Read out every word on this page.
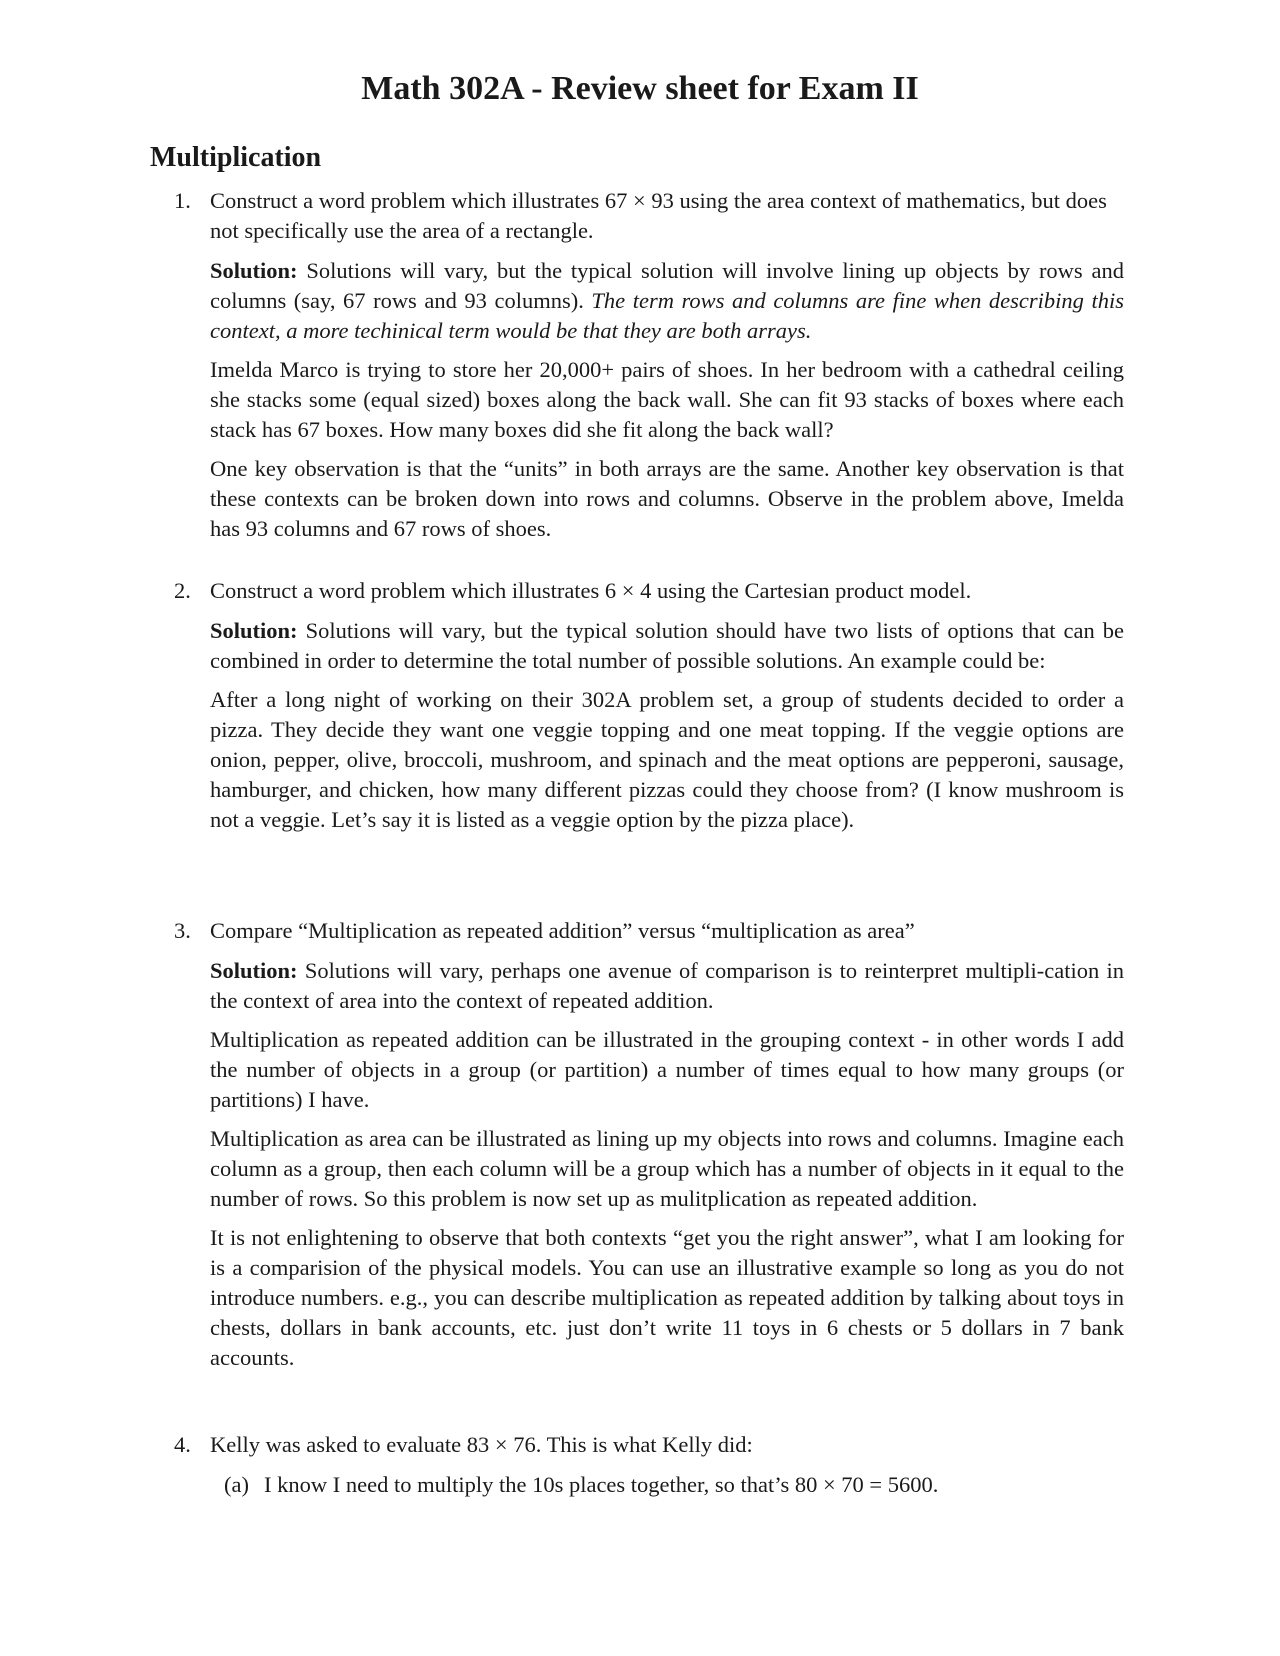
Math 302A - Review sheet for Exam II
Multiplication
1. Construct a word problem which illustrates 67 × 93 using the area context of mathematics, but does not specifically use the area of a rectangle.

Solution: Solutions will vary, but the typical solution will involve lining up objects by rows and columns (say, 67 rows and 93 columns). The term rows and columns are fine when describing this context, a more techinical term would be that they are both arrays.

Imelda Marco is trying to store her 20,000+ pairs of shoes. In her bedroom with a cathedral ceiling she stacks some (equal sized) boxes along the back wall. She can fit 93 stacks of boxes where each stack has 67 boxes. How many boxes did she fit along the back wall?

One key observation is that the “units” in both arrays are the same. Another key observation is that these contexts can be broken down into rows and columns. Observe in the problem above, Imelda has 93 columns and 67 rows of shoes.

2. Construct a word problem which illustrates 6 × 4 using the Cartesian product model.

Solution: Solutions will vary, but the typical solution should have two lists of options that can be combined in order to determine the total number of possible solutions. An example could be:

After a long night of working on their 302A problem set, a group of students decided to order a pizza. They decide they want one veggie topping and one meat topping. If the veggie options are onion, pepper, olive, broccoli, mushroom, and spinach and the meat options are pepperoni, sausage, hamburger, and chicken, how many different pizzas could they choose from? (I know mushroom is not a veggie. Let’s say it is listed as a veggie option by the pizza place).

3. Compare “Multiplication as repeated addition” versus “multiplication as area”

Solution: Solutions will vary, perhaps one avenue of comparison is to reinterpret multipli-cation in the context of area into the context of repeated addition.

Multiplication as repeated addition can be illustrated in the grouping context - in other words I add the number of objects in a group (or partition) a number of times equal to how many groups (or partitions) I have.

Multiplication as area can be illustrated as lining up my objects into rows and columns. Imagine each column as a group, then each column will be a group which has a number of objects in it equal to the number of rows. So this problem is now set up as mulitplication as repeated addition.

It is not enlightening to observe that both contexts “get you the right answer”, what I am looking for is a comparision of the physical models. You can use an illustrative example so long as you do not introduce numbers. e.g., you can describe multiplication as repeated addition by talking about toys in chests, dollars in bank accounts, etc. just don’t write 11 toys in 6 chests or 5 dollars in 7 bank accounts.

4. Kelly was asked to evaluate 83 × 76. This is what Kelly did:

(a) I know I need to multiply the 10s places together, so that’s 80 × 70 = 5600.
